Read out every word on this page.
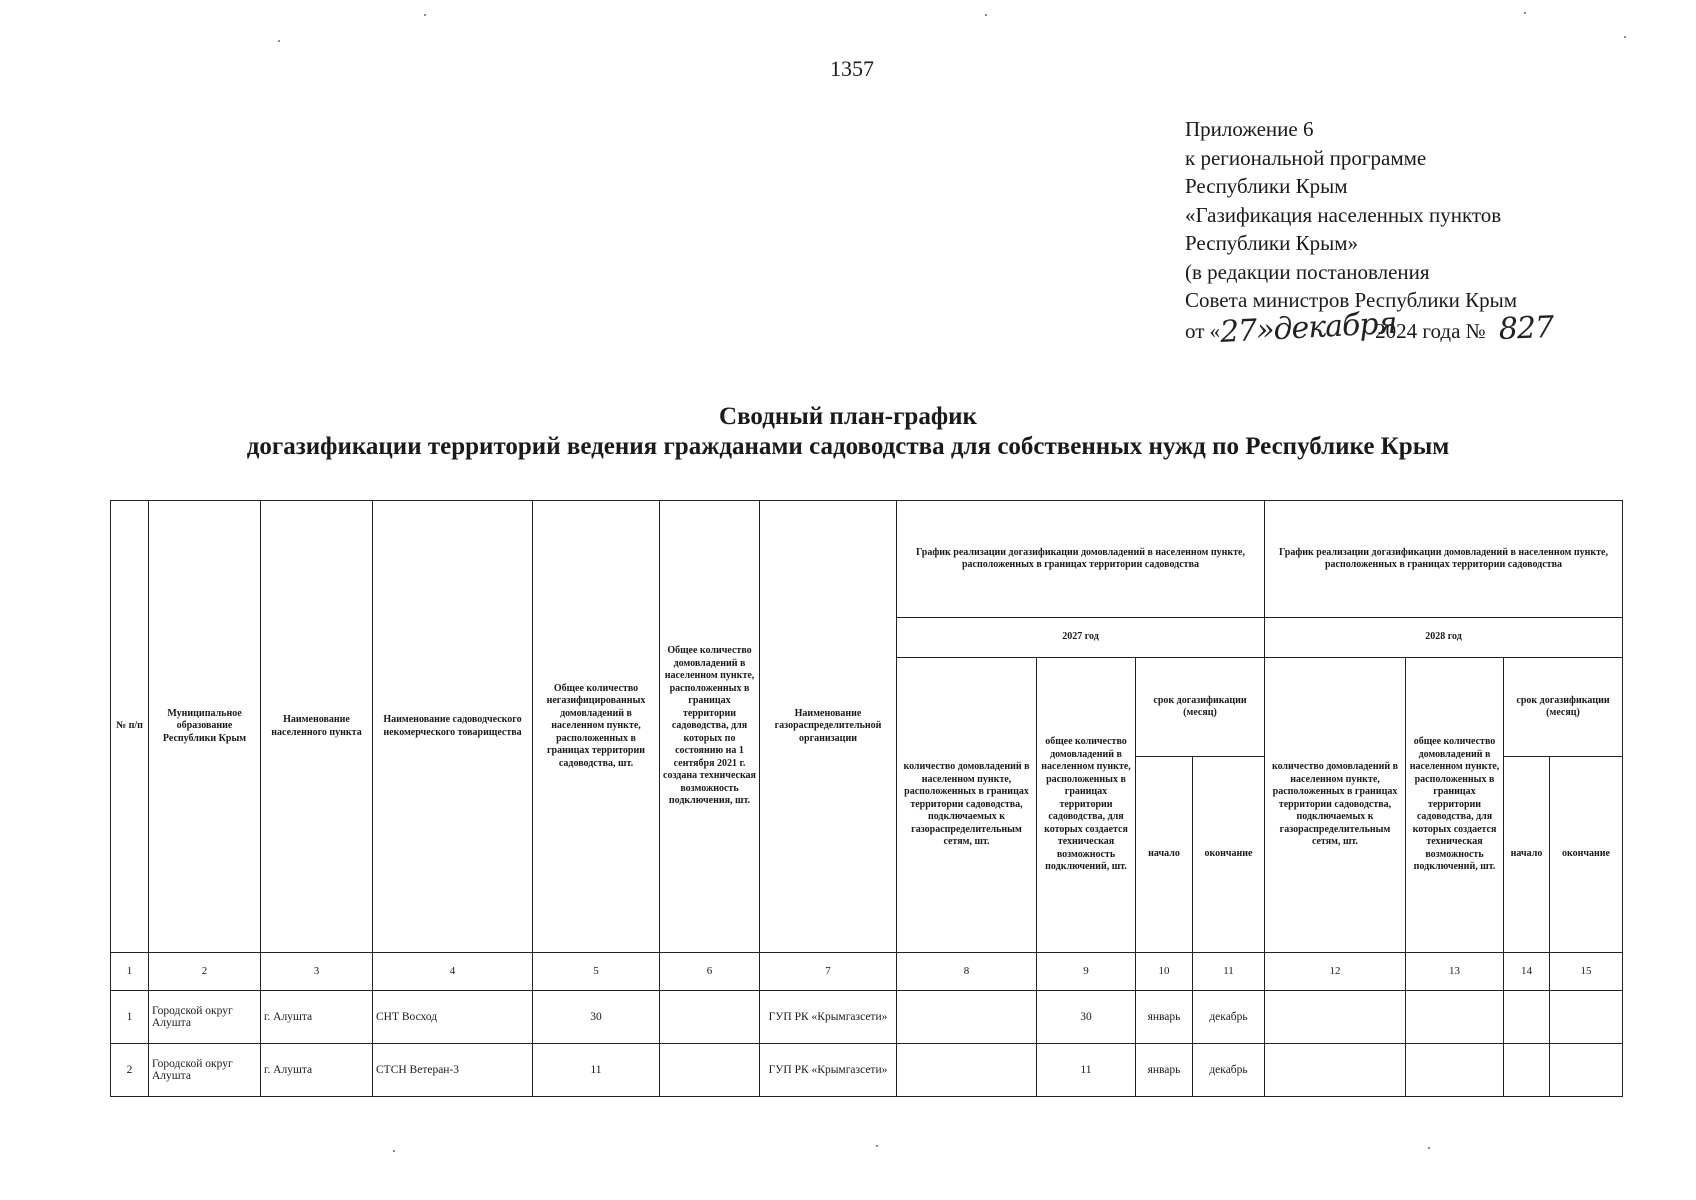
1357
Приложение 6
к региональной программе
Республики Крым
«Газификация населенных пунктов
Республики Крым»
(в редакции постановления
Совета министров Республики Крым
от «27»декабря2024 года № 827
Сводный план-график
догазификации территорий ведения гражданами садоводства для собственных нужд по Республике Крым
№ п/п	Муниципальное образование Республики Крым	Наименование населенного пункта	Наименование садоводческого некомерческого товарищества	Общее количество негазифицированных домовладений в населенном пункте, расположенных в границах территории садоводства, шт.	Общее количество домовладений в населенном пункте, расположенных в границах территории садоводства, для которых по состоянию на 1 сентября 2021 г. создана техническая возможность подключения, шт.	Наименование газораспределительной организации	График реализации догазификации домовладений в населенном пункте, расположенных в границах территории садоводства				График реализации догазификации домовладений в населенном пункте, расположенных в границах территории садоводства			
							2027 год				2028 год			
							количество домовладений в населенном пункте, расположенных в границах территории садоводства, подключаемых к газораспределительным сетям, шт.	общее количество домовладений в населенном пункте, расположенных в границах территории садоводства, для которых создается техническая возможность подключений, шт.	срок догазификации (месяц)		количество домовладений в населенном пункте, расположенных в границах территории садоводства, подключаемых к газораспределительным сетям, шт.	общее количество домовладений в населенном пункте, расположенных в границах территории садоводства, для которых создается техническая возможность подключений, шт.	срок догазификации (месяц)	
									начало	окончание			начало	окончание
1	2	3	4	5	6	7	8	9	10	11	12	13	14	15
1	Городской округ Алушта	г. Алушта	СНТ Восход	30		ГУП РК «Крымгазсети»		30	январь	декабрь				
2	Городской округ Алушта	г. Алушта	СТСН Ветеран-3	11		ГУП РК «Крымгазсети»		11	январь	декабрь				
